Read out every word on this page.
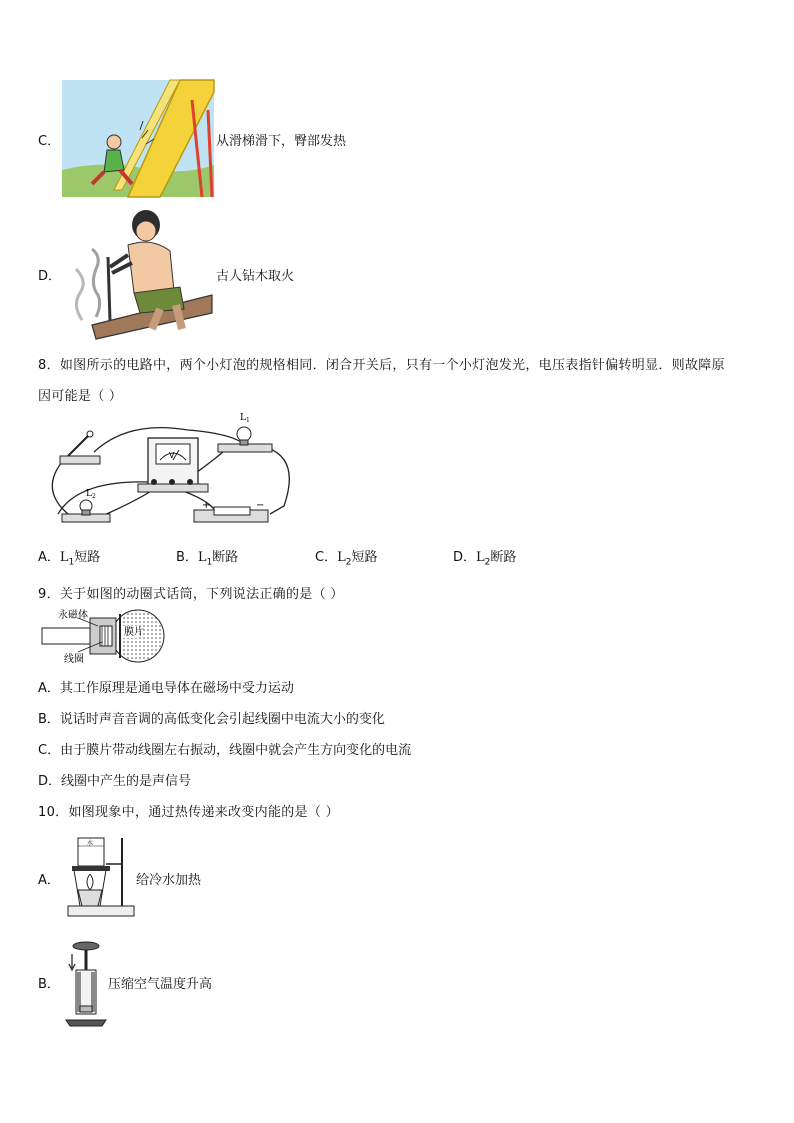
C．	从滑梯滑下，臀部发热
D．	古人钻木取火
8．如图所示的电路中，两个小灯泡的规格相同．闭合开关后，只有一个小灯泡发光，电压表指针偏转明显．则故障原
因可能是（ ）
V
L 1
L 2
+	−
A．$L_1$短路	B．$L_1$断路	C．$L_2$短路	D．$L_2$断路
9．关于如图的动圈式话筒，下列说法正确的是（ ）
永磁体
膜片
线圈
A．其工作原理是通电导体在磁场中受力运动
B．说话时声音音调的高低变化会引起线圈中电流大小的变化
C．由于膜片带动线圈左右振动，线圈中就会产生方向变化的电流
D．线圈中产生的是声信号
10．如图现象中，通过热传递来改变内能的是（ ）
A．
水
给冷水加热
B．	压缩空气温度升高
